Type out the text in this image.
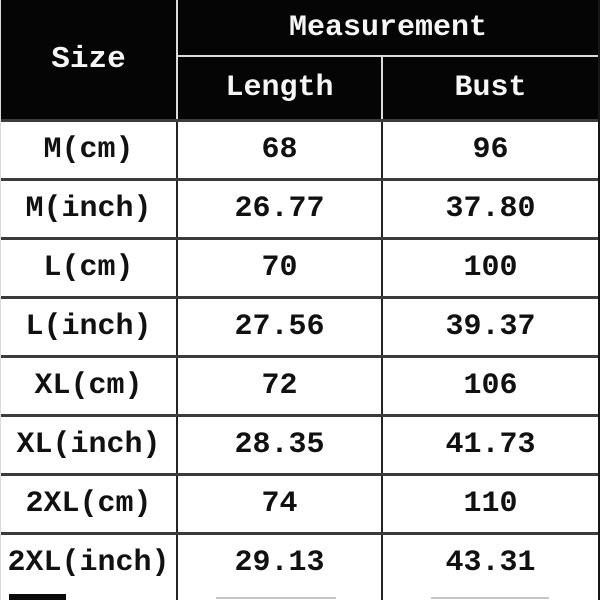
Size
Measurement
Length	Bust
M(cm)	68	96
M(inch)	26.77	37.80
L(cm)	70	100
L(inch)	27.56	39.37
XL(cm)	72	106
XL(inch)	28.35	41.73
2XL(cm)	74	110
2XL(inch)	29.13	43.31
